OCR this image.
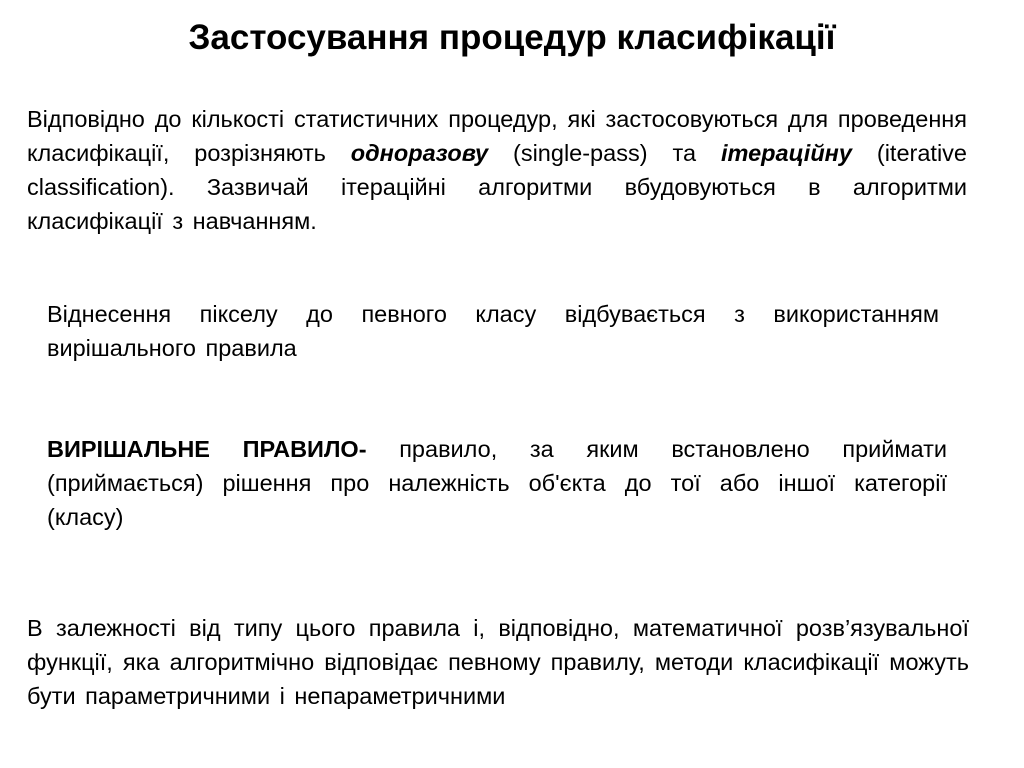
Застосування процедур класифікації
Відповідно до кількості статистичних процедур, які застосовуються для проведення класифікації, розрізняють одноразову (single-pass) та ітераційну (iterative classification). Зазвичай ітераційні алгоритми вбудовуються в алгоритми класифікації з навчанням.
Віднесення пікселу до певного класу відбувається з використанням вирішального правила
ВИРІШАЛЬНЕ ПРАВИЛО- правило, за яким встановлено приймати (приймається) рішення про належність об'єкта до тої або іншої категорії (класу)
В залежності від типу цього правила і, відповідно, математичної розв’язувальної функції, яка алгоритмічно відповідає певному правилу, методи класифікації можуть бути параметричними і непараметричними
